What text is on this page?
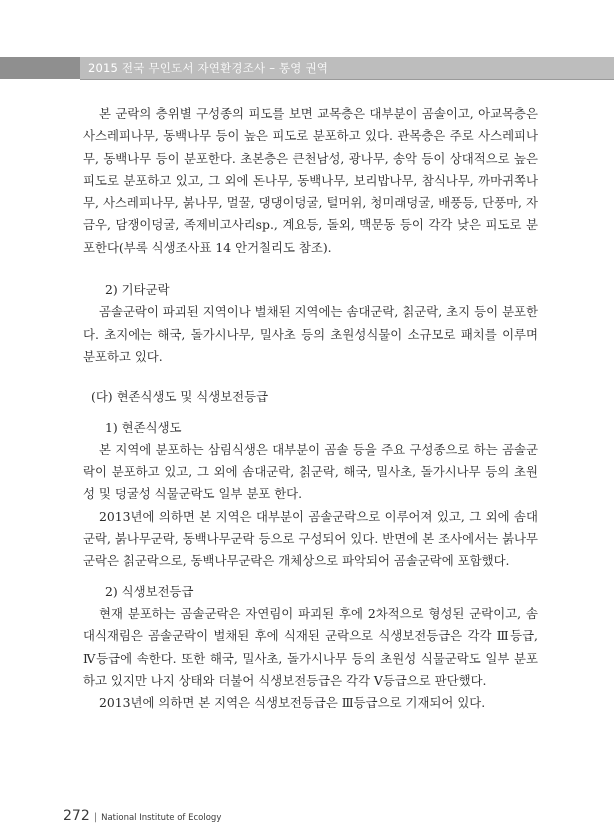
2015 전국 무인도서 자연환경조사 – 통영 권역

본 군락의 층위별 구성종의 피도를 보면 교목층은 대부분이 곰솔이고, 아교목층은 사스레피나무, 동백나무 등이 높은 피도로 분포하고 있다. 관목층은 주로 사스레피나무, 동백나무 등이 분포한다. 초본층은 큰천남성, 광나무, 송악 등이 상대적으로 높은 피도로 분포하고 있고, 그 외에 돈나무, 동백나무, 보리밥나무, 참식나무, 까마귀쪽나무, 사스레피나무, 붉나무, 멀꿀, 댕댕이덩굴, 털머위, 청미래덩굴, 배풍등, 단풍마, 자금우, 담쟁이덩굴, 족제비고사리sp., 계요등, 돌외, 맥문동 등이 각각 낮은 피도로 분포한다(부록 식생조사표 14 안거칠리도 참조).

2) 기타군락

곰솔군락이 파괴된 지역이나 벌채된 지역에는 솜대군락, 칡군락, 초지 등이 분포한다. 초지에는 해국, 돌가시나무, 밀사초 등의 초원성식물이 소규모로 패치를 이루며 분포하고 있다.

(다) 현존식생도 및 식생보전등급
1) 현존식생도

본 지역에 분포하는 삼림식생은 대부분이 곰솔 등을 주요 구성종으로 하는 곰솔군락이 분포하고 있고, 그 외에 솜대군락, 칡군락, 해국, 밀사초, 돌가시나무 등의 초원성 및 덩굴성 식물군락도 일부 분포 한다.

2013년에 의하면 본 지역은 대부분이 곰솔군락으로 이루어져 있고, 그 외에 솜대군락, 붉나무군락, 동백나무군락 등으로 구성되어 있다. 반면에 본 조사에서는 붉나무군락은 칡군락으로, 동백나무군락은 개체상으로 파악되어 곰솔군락에 포함했다.

2) 식생보전등급

현재 분포하는 곰솔군락은 자연림이 파괴된 후에 2차적으로 형성된 군락이고, 솜대식재림은 곰솔군락이 벌채된 후에 식재된 군락으로 식생보전등급은 각각 Ⅲ등급, Ⅳ등급에 속한다. 또한 해국, 밀사초, 돌가시나무 등의 초원성 식물군락도 일부 분포하고 있지만 나지 상태와 더불어 식생보전등급은 각각 Ⅴ등급으로 판단했다.

2013년에 의하면 본 지역은 식생보전등급은 Ⅲ등급으로 기재되어 있다.

272 | National Institute of Ecology
